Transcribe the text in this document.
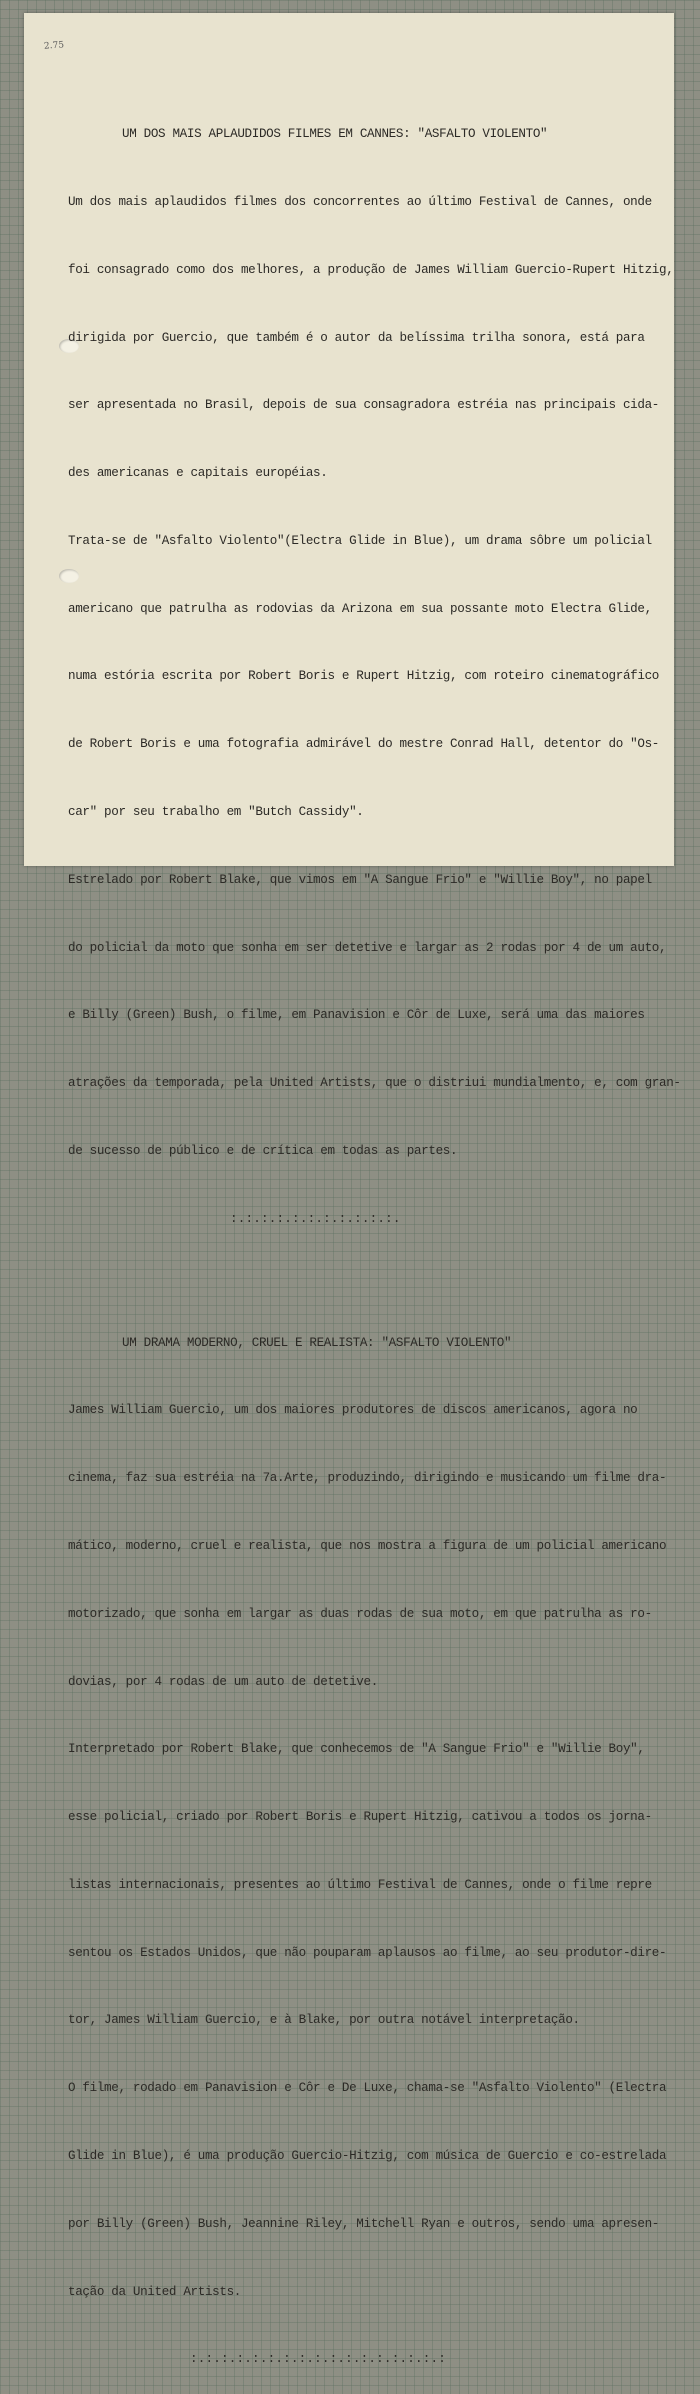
2.75

UM DOS MAIS APLAUDIDOS FILMES EM CANNES: "ASFALTO VIOLENTO"

Um dos mais aplaudidos filmes dos concorrentes ao último Festival de Cannes, onde

foi consagrado como dos melhores, a produção de James William Guercio-Rupert Hitzig,

dirigida por Guercio, que também é o autor da belíssima trilha sonora, está para

ser apresentada no Brasil, depois de sua consagradora estréia nas principais cida-

des americanas e capitais européias.

Trata-se de "Asfalto Violento"(Electra Glide in Blue), um drama sôbre um policial

americano que patrulha as rodovias da Arizona em sua possante moto Electra Glide,

numa estória escrita por Robert Boris e Rupert Hitzig, com roteiro cinematográfico

de Robert Boris e uma fotografia admirável do mestre Conrad Hall, detentor do "Os-

car" por seu trabalho em "Butch Cassidy".

Estrelado por Robert Blake, que vimos em "A Sangue Frio" e "Willie Boy", no papel

do policial da moto que sonha em ser detetive e largar as 2 rodas por 4 de um auto,

e Billy (Green) Bush, o filme, em Panavision e Côr de Luxe, será uma das maiores

atrações da temporada, pela United Artists, que o distriui mundialmento, e, com gran-

de sucesso de público e de crítica em todas as partes.

:.:.:.:.:.:.:.:.:.:.:.

UM DRAMA MODERNO, CRUEL E REALISTA: "ASFALTO VIOLENTO"

James William Guercio, um dos maiores produtores de discos americanos, agora no

cinema, faz sua estréia na 7a.Arte, produzindo, dirigindo e musicando um filme dra-

mático, moderno, cruel e realista, que nos mostra a figura de um policial americano

motorizado, que sonha em largar as duas rodas de sua moto, em que patrulha as ro-

dovias, por 4 rodas de um auto de detetive.

Interpretado por Robert Blake, que conhecemos de "A Sangue Frio" e "Willie Boy",

esse policial, criado por Robert Boris e Rupert Hitzig, cativou a todos os jorna-

listas internacionais, presentes ao último Festival de Cannes, onde o filme repre

sentou os Estados Unidos, que não pouparam aplausos ao filme, ao seu produtor-dire-

tor, James William Guercio, e à Blake, por outra notável interpretação.

O filme, rodado em Panavision e Côr e De Luxe, chama-se "Asfalto Violento" (Electra

Glide in Blue), é uma produção Guercio-Hitzig, com música de Guercio e co-estrelada

por Billy (Green) Bush, Jeannine Riley, Mitchell Ryan e outros, sendo uma apresen-

tação da United Artists.

:.:.:.:.:.:.:.:.:.:.:.:.:.:.:.:.:
